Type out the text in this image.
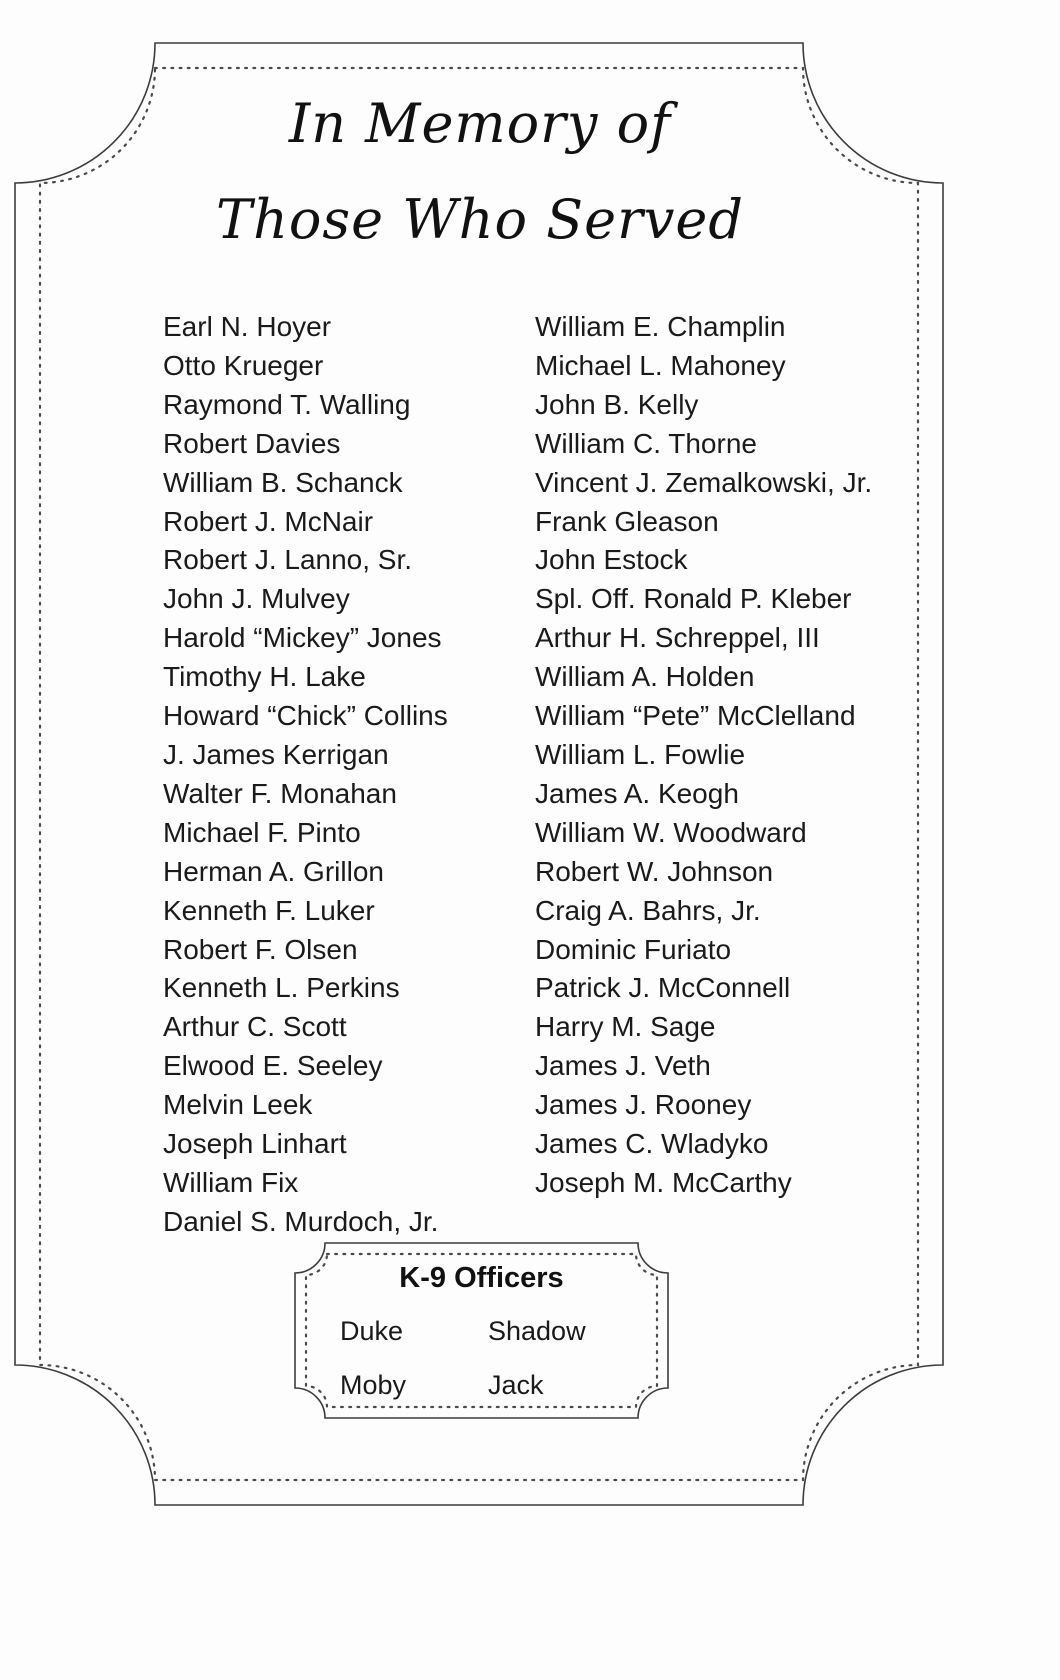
In Memory of
Those Who Served
Earl N. Hoyer
Otto Krueger
Raymond T. Walling
Robert Davies
William B. Schanck
Robert J. McNair
Robert J. Lanno, Sr.
John J. Mulvey
Harold “Mickey” Jones
Timothy H. Lake
Howard “Chick” Collins
J. James Kerrigan
Walter F. Monahan
Michael F. Pinto
Herman A. Grillon
Kenneth F. Luker
Robert F. Olsen
Kenneth L. Perkins
Arthur C. Scott
Elwood E. Seeley
Melvin Leek
Joseph Linhart
William Fix
Daniel S. Murdoch, Jr.
William E. Champlin
Michael L. Mahoney
John B. Kelly
William C. Thorne
Vincent J. Zemalkowski, Jr.
Frank Gleason
John Estock
Spl. Off. Ronald P. Kleber
Arthur H. Schreppel, III
William A. Holden
William “Pete” McClelland
William L. Fowlie
James A. Keogh
William W. Woodward
Robert W. Johnson
Craig A. Bahrs, Jr.
Dominic Furiato
Patrick J. McConnell
Harry M. Sage
James J. Veth
James J. Rooney
James C. Wladyko
Joseph M. McCarthy
K-9 Officers
Duke	Shadow
Moby	Jack
